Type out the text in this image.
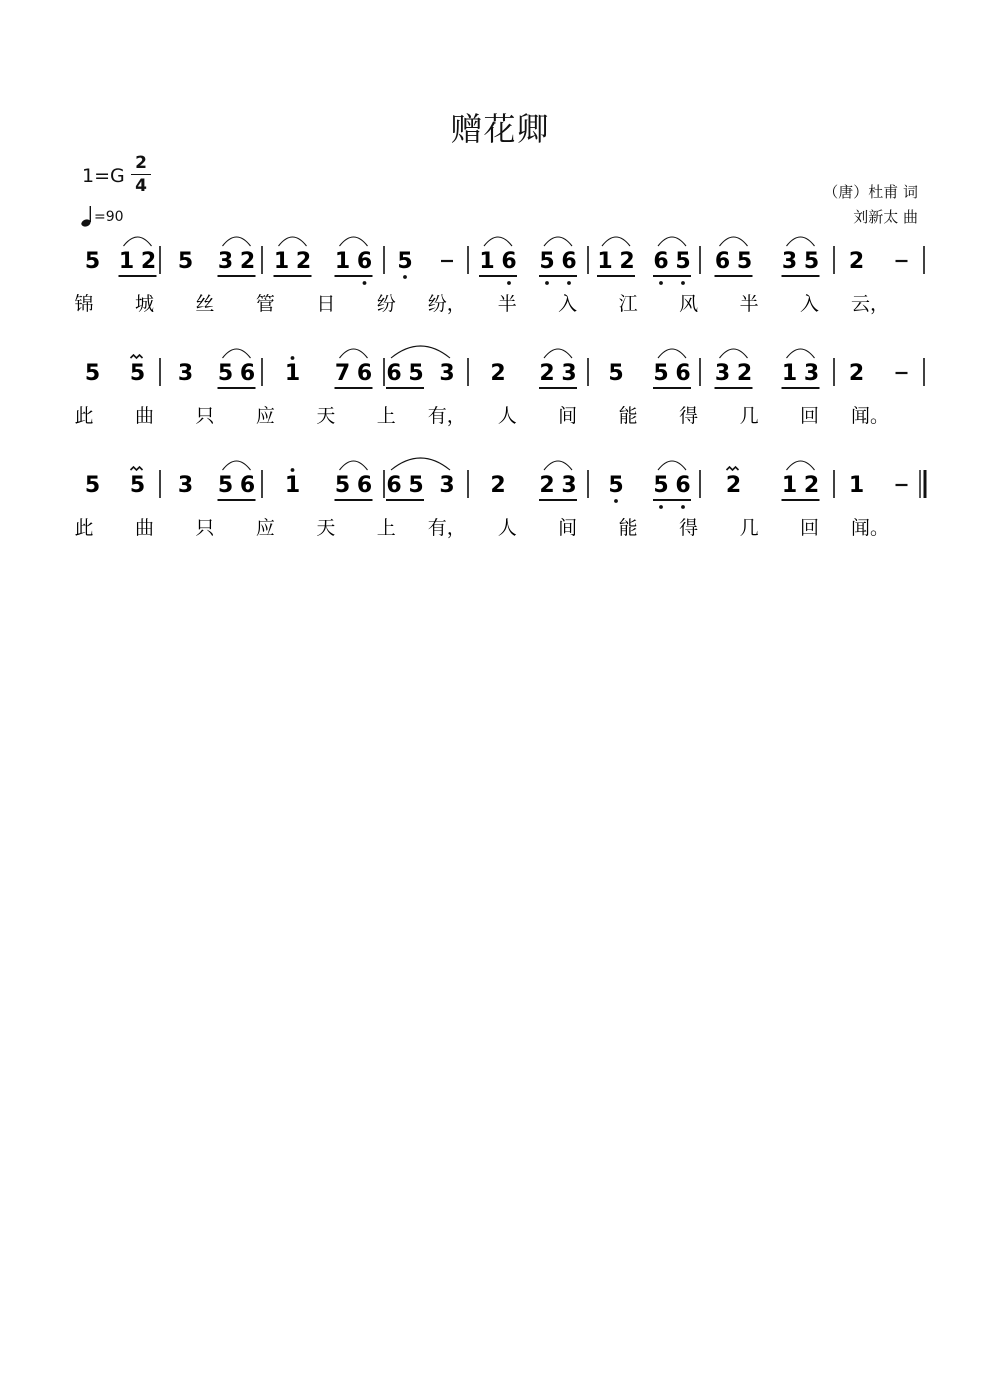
赠花卿
1=G
2
4
=90
（唐）杜甫 词
刘新太 曲
5 1 2 5 3 2 1 2 1 6 5	1 6 5 6 1 2 6 5 6 5 3 5 2
锦 城 丝 管 日 纷 纷， 半 入 江 风 半 入 云，
5 5 3 5 6 1 7 6 6 5 3 2 2 3 5 5 6 3 2 1 3 2
此 曲 只 应 天 上 有， 人 间 能 得 几 回 闻。
5 5 3 5 6 1 5 6 6 5 3 2 2 3 5 5 6 2 1 2 1
此 曲 只 应 天 上 有， 人 间 能 得 几 回 闻。
